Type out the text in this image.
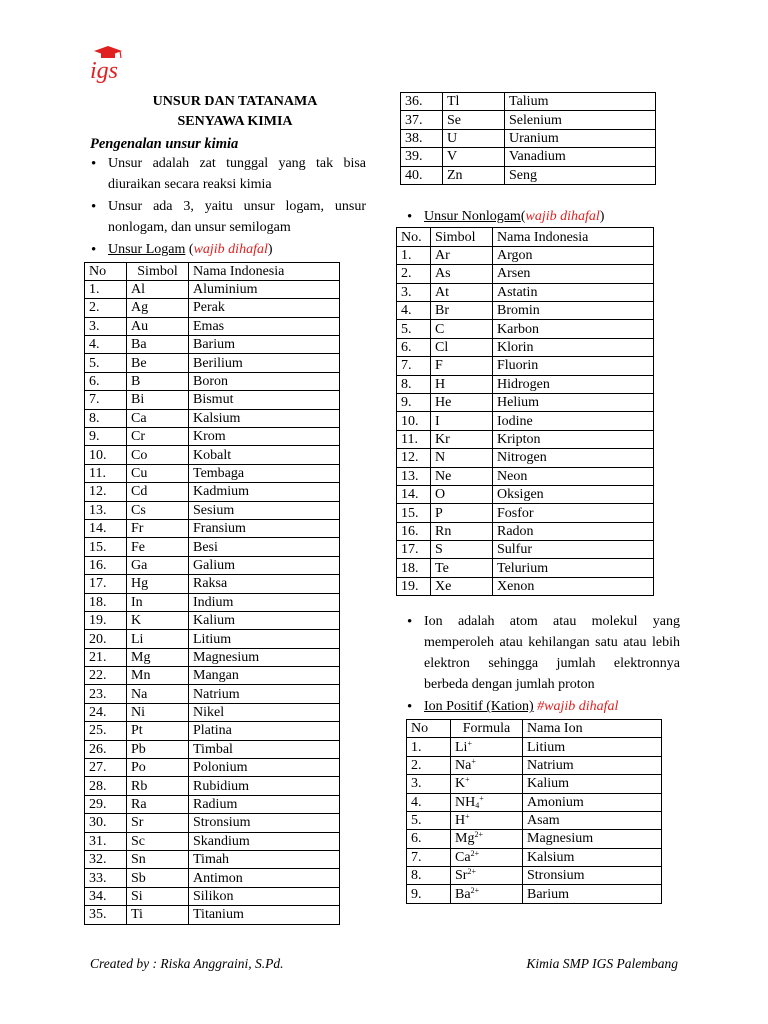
igs
UNSUR DAN TATANAMA
SENYAWA KIMIA
Pengenalan unsur kimia
• Unsur adalah zat tunggal yang tak bisa diuraikan secara reaksi kimia
• Unsur ada 3, yaitu unsur logam, unsur nonlogam, dan unsur semilogam
• Unsur Logam (wajib dihafal)
No	Simbol	Nama Indonesia
1.	Al	Aluminium
2.	Ag	Perak
3.	Au	Emas
4.	Ba	Barium
5.	Be	Berilium
6.	B	Boron
7.	Bi	Bismut
8.	Ca	Kalsium
9.	Cr	Krom
10.	Co	Kobalt
11.	Cu	Tembaga
12.	Cd	Kadmium
13.	Cs	Sesium
14.	Fr	Fransium
15.	Fe	Besi
16.	Ga	Galium
17.	Hg	Raksa
18.	In	Indium
19.	K	Kalium
20.	Li	Litium
21.	Mg	Magnesium
22.	Mn	Mangan
23.	Na	Natrium
24.	Ni	Nikel
25.	Pt	Platina
26.	Pb	Timbal
27.	Po	Polonium
28.	Rb	Rubidium
29.	Ra	Radium
30.	Sr	Stronsium
31.	Sc	Skandium
32.	Sn	Timah
33.	Sb	Antimon
34.	Si	Silikon
35.	Ti	Titanium
36.	Tl	Talium
37.	Se	Selenium
38.	U	Uranium
39.	V	Vanadium
40.	Zn	Seng
• Unsur Nonlogam(wajib dihafal)
No.	Simbol	Nama Indonesia
1.	Ar	Argon
2.	As	Arsen
3.	At	Astatin
4.	Br	Bromin
5.	C	Karbon
6.	Cl	Klorin
7.	F	Fluorin
8.	H	Hidrogen
9.	He	Helium
10.	I	Iodine
11.	Kr	Kripton
12.	N	Nitrogen
13.	Ne	Neon
14.	O	Oksigen
15.	P	Fosfor
16.	Rn	Radon
17.	S	Sulfur
18.	Te	Telurium
19.	Xe	Xenon
• Ion adalah atom atau molekul yang memperoleh atau kehilangan satu atau lebih elektron sehingga jumlah elektronnya berbeda dengan jumlah proton
• Ion Positif (Kation) #wajib dihafal
No	Formula	Nama Ion
1.	Li+	Litium
2.	Na+	Natrium
3.	K+	Kalium
4.	$NH_4^+$	Amonium
5.	H+	Asam
6.	$Mg^{2+}$	Magnesium
7.	$Ca^{2+}$	Kalsium
8.	$Sr^{2+}$	Stronsium
9.	$Ba^{2+}$	Barium
Created by : Riska Anggraini, S.Pd.	Kimia SMP IGS Palembang
